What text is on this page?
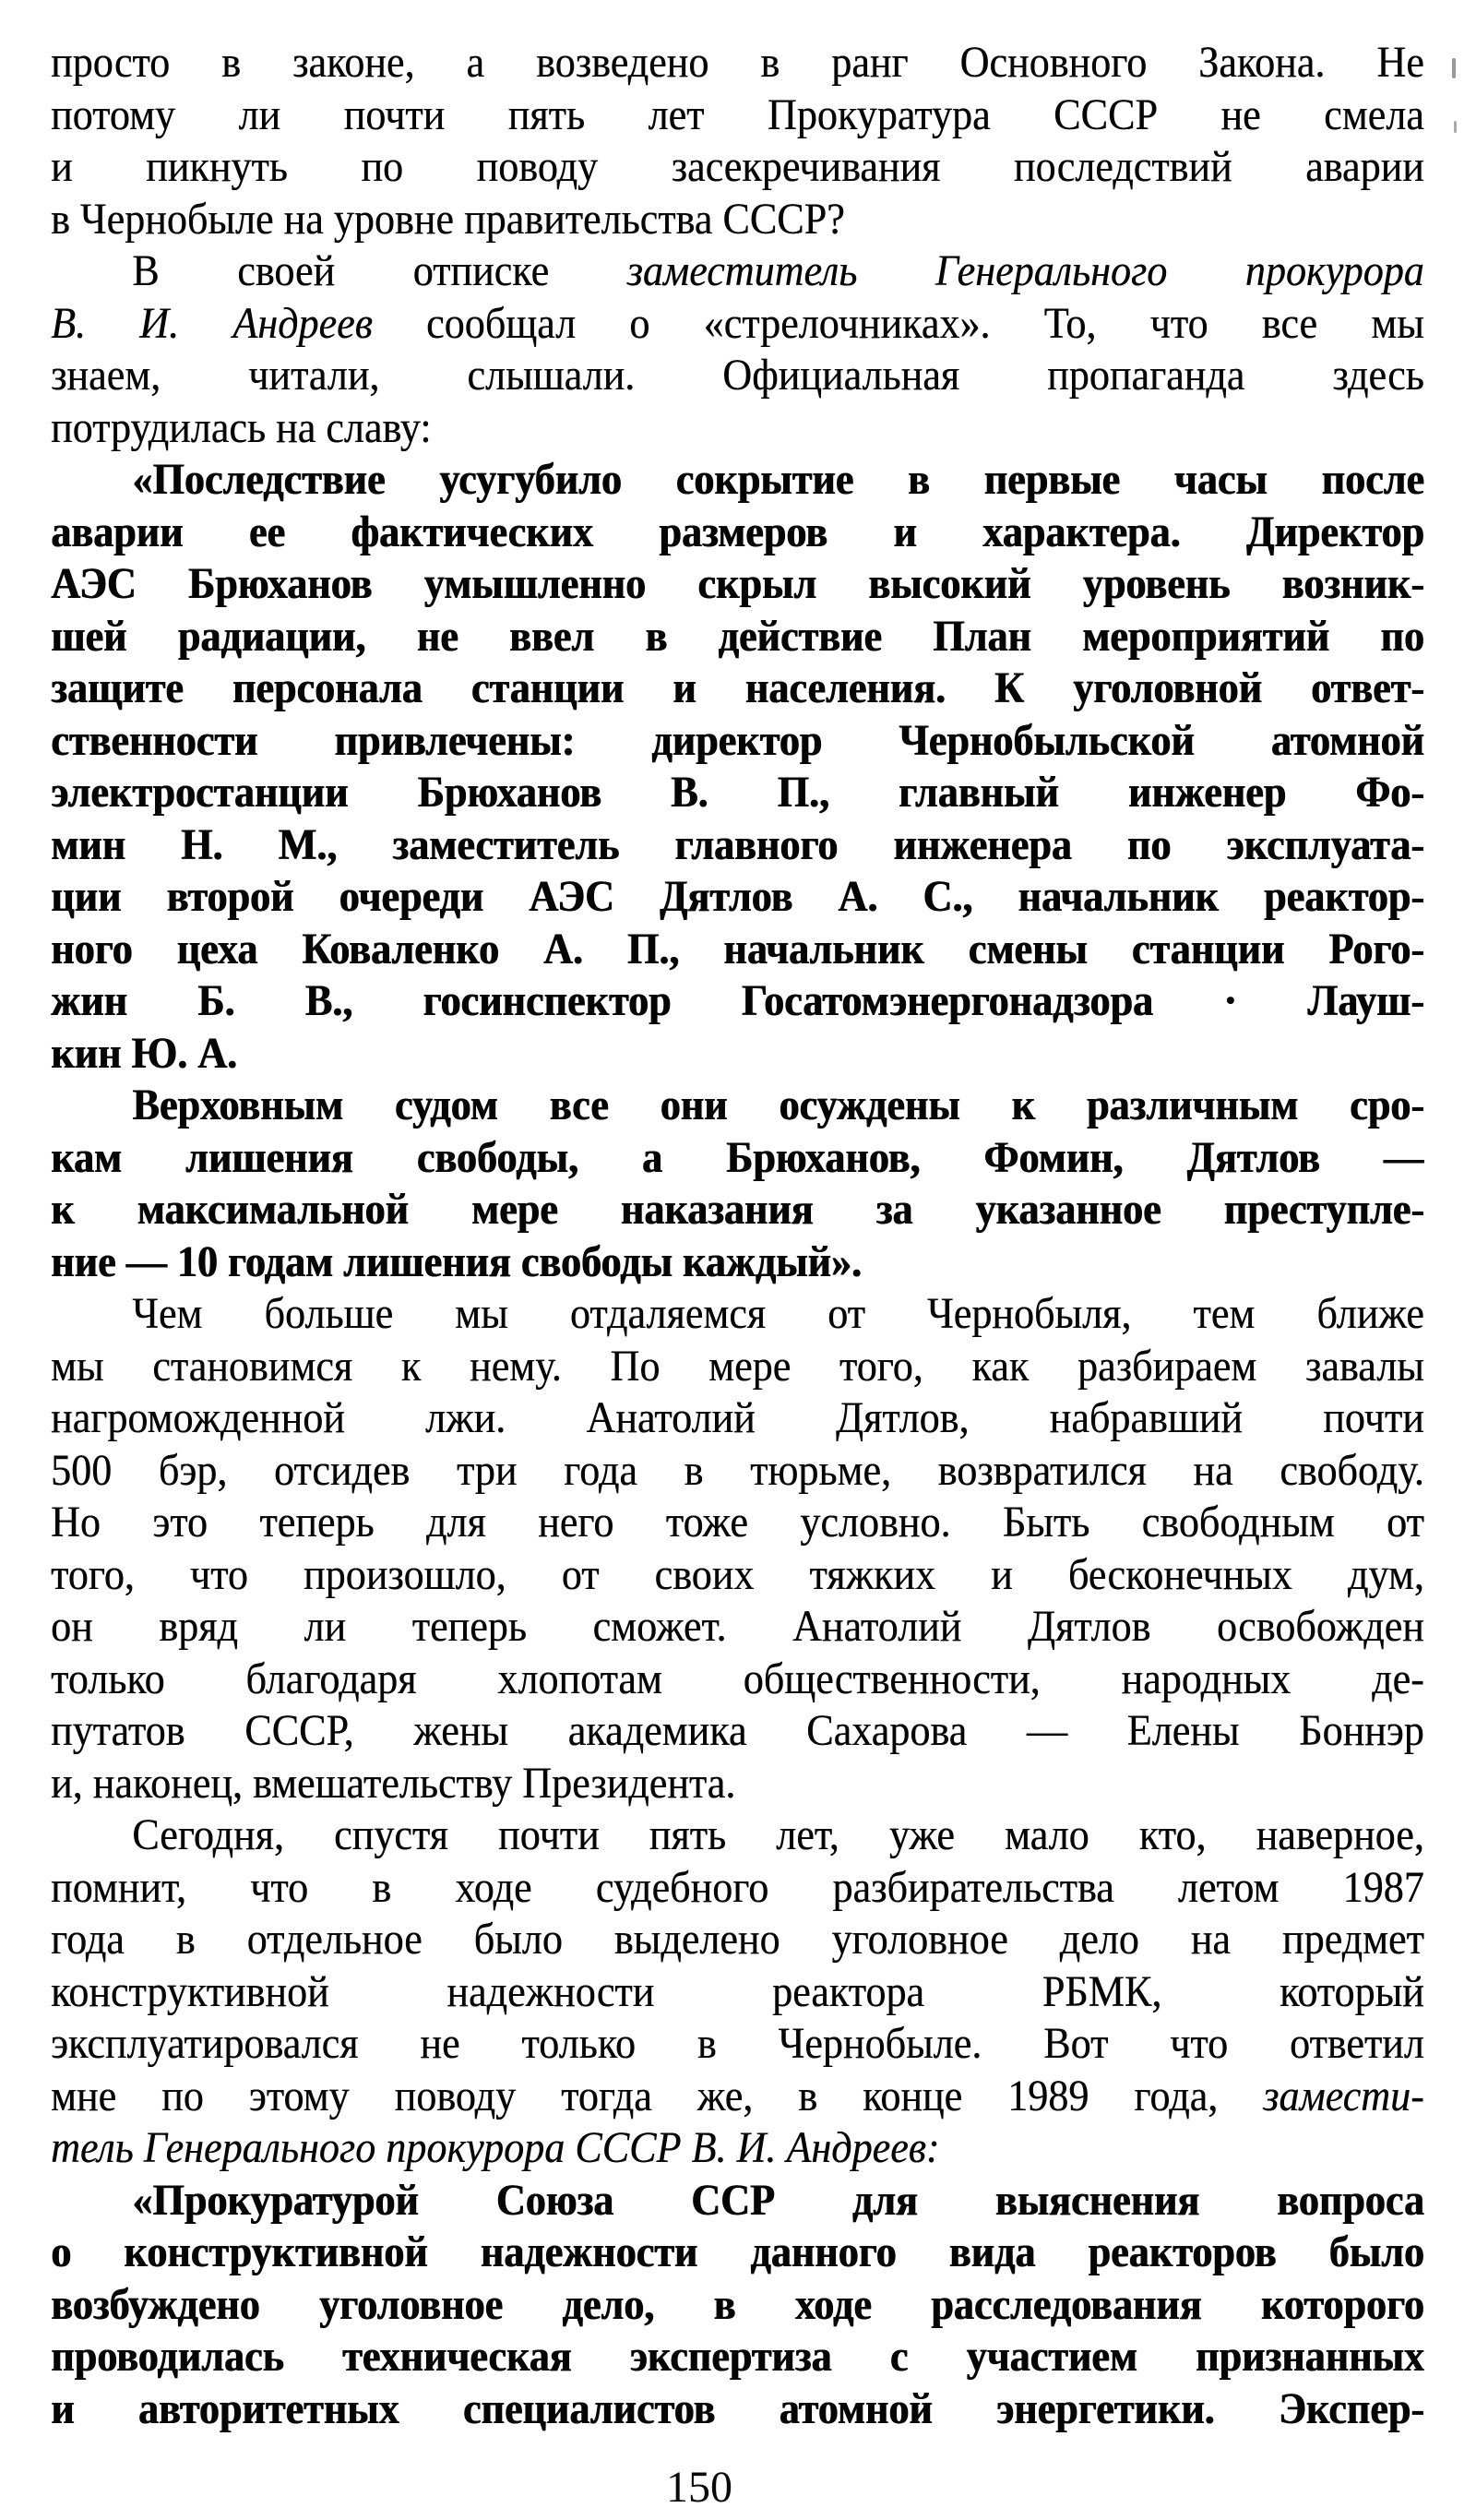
просто в законе, а возведено в ранг Основного Закона. Не
потому ли почти пять лет Прокуратура СССР не смела
и пикнуть по поводу засекречивания последствий аварии
в Чернобыле на уровне правительства СССР?
В своей отписке заместитель Генерального прокурора
В. И. Андреев сообщал о «стрелочниках». То, что все мы
знаем, читали, слышали. Официальная пропаганда здесь
потрудилась на славу:
«Последствие усугубило сокрытие в первые часы после
аварии ее фактических размеров и характера. Директор
АЭС Брюханов умышленно скрыл высокий уровень возник-
шей радиации, не ввел в действие План мероприятий по
защите персонала станции и населения. К уголовной ответ-
ственности привлечены: директор Чернобыльской атомной
электростанции Брюханов В. П., главный инженер Фо-
мин Н. М., заместитель главного инженера по эксплуата-
ции второй очереди АЭС Дятлов А. С., начальник реактор-
ного цеха Коваленко А. П., начальник смены станции Рого-
жин Б. В., госинспектор Госатомэнергонадзора · Лауш-
кин Ю. А.
Верховным судом все они осуждены к различным сро-
кам лишения свободы, а Брюханов, Фомин, Дятлов —
к максимальной мере наказания за указанное преступле-
ние — 10 годам лишения свободы каждый».
Чем больше мы отдаляемся от Чернобыля, тем ближе
мы становимся к нему. По мере того, как разбираем завалы
нагроможденной лжи. Анатолий Дятлов, набравший почти
500 бэр, отсидев три года в тюрьме, возвратился на свободу.
Но это теперь для него тоже условно. Быть свободным от
того, что произошло, от своих тяжких и бесконечных дум,
он вряд ли теперь сможет. Анатолий Дятлов освобожден
только благодаря хлопотам общественности, народных де-
путатов СССР, жены академика Сахарова — Елены Боннэр
и, наконец, вмешательству Президента.
Сегодня, спустя почти пять лет, уже мало кто, наверное,
помнит, что в ходе судебного разбирательства летом 1987
года в отдельное было выделено уголовное дело на предмет
конструктивной надежности реактора РБМК, который
эксплуатировался не только в Чернобыле. Вот что ответил
мне по этому поводу тогда же, в конце 1989 года, замести-
тель Генерального прокурора СССР В. И. Андреев:
«Прокуратурой Союза ССР для выяснения вопроса
о конструктивной надежности данного вида реакторов было
возбуждено уголовное дело, в ходе расследования которого
проводилась техническая экспертиза с участием признанных
и авторитетных специалистов атомной энергетики. Экспер-
150
